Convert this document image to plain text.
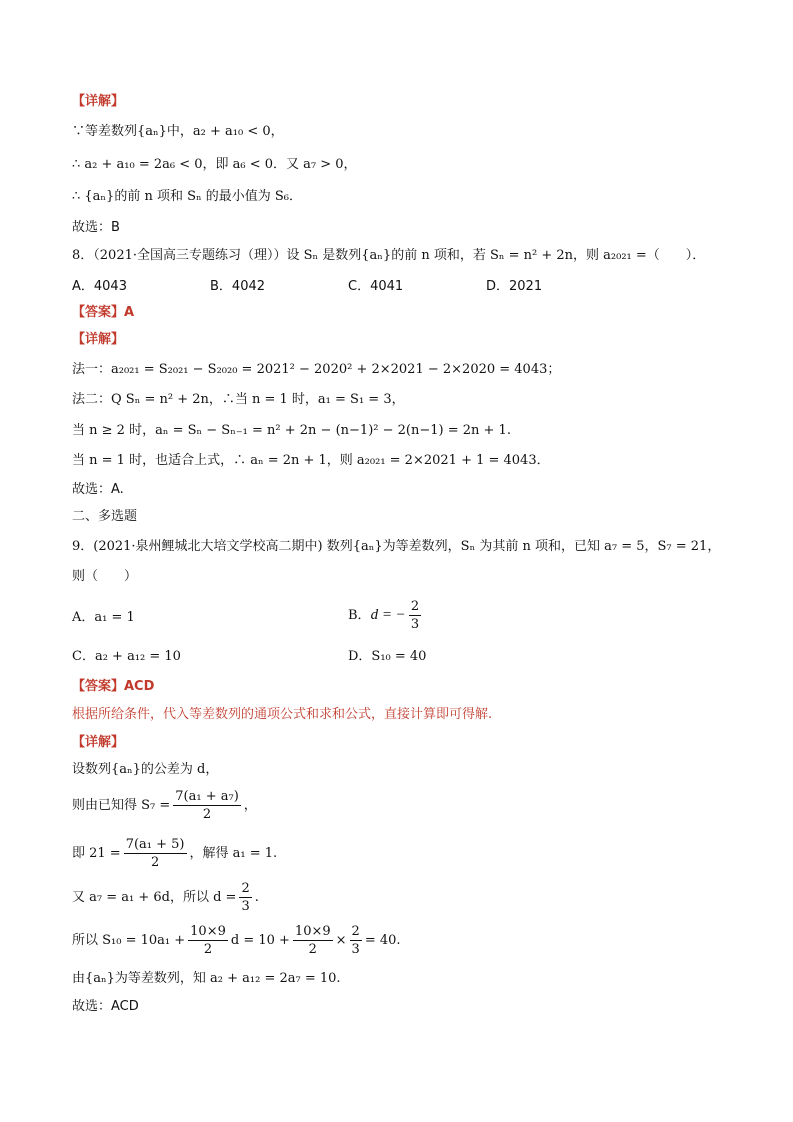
【详解】
∵等差数列{aₙ}中，a₂ + a₁₀ < 0，
∴ a₂ + a₁₀ = 2a₆ < 0，即 a₆ < 0．又 a₇ > 0，
∴ {aₙ}的前 n 项和 Sₙ 的最小值为 S₆．
故选：B
8．（2021·全国高三专题练习（理））设 Sₙ 是数列{aₙ}的前 n 项和，若 Sₙ = n² + 2n，则 a₂₀₂₁ =（　　）．
A．4043	B．4042	C．4041	D．2021
【答案】A
【详解】
法一：a₂₀₂₁ = S₂₀₂₁ − S₂₀₂₀ = 2021² − 2020² + 2×2021 − 2×2020 = 4043；
法二：Q Sₙ = n² + 2n，∴当 n = 1 时，a₁ = S₁ = 3，
当 n ≥ 2 时，aₙ = Sₙ − Sₙ₋₁ = n² + 2n − (n−1)² − 2(n−1) = 2n + 1.
当 n = 1 时，也适合上式，∴ aₙ = 2n + 1，则 a₂₀₂₁ = 2×2021 + 1 = 4043．
故选：A.
二、多选题
9．(2021·泉州鲤城北大培文学校高二期中) 数列{aₙ}为等差数列，Sₙ 为其前 n 项和，已知 a₇ = 5，S₇ = 21，
则（　　）
A．a₁ = 1	B．d = − $\frac{2}{3}$
C．a₂ + a₁₂ = 10	D．S₁₀ = 40
【答案】ACD
根据所给条件，代入等差数列的通项公式和求和公式，直接计算即可得解.
【详解】
设数列{aₙ}的公差为 d，
则由已知得 $S_7 = \frac{\text{7(a₁ + a₇)}}{2}$ ，
即 $21 = \frac{\text{7(a₁ + 5)}}{2}$ ，解得 a₁ = 1.
又 a₇ = a₁ + 6d，所以 $d = \frac{2}{3}$ .
所以 $S_{10} = 10a_1 + \frac{10\times 9}{2}$ $d = 10 + \frac{10\times 9}{2} \times \frac{2}{3} = 40$.
由{aₙ}为等差数列，知 a₂ + a₁₂ = 2a₇ = 10.
故选：ACD
